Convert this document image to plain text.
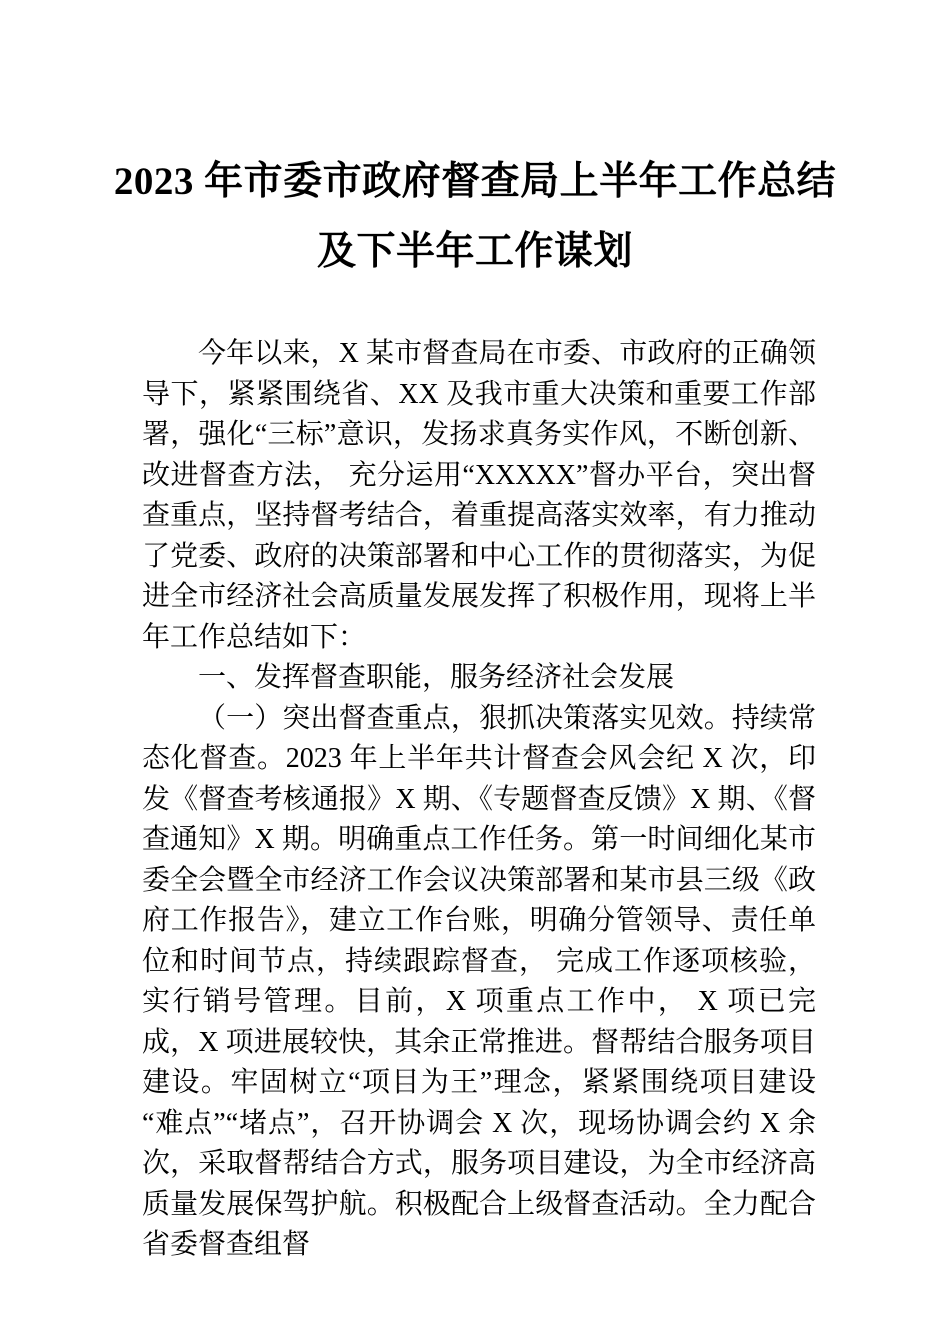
2023 年市委市政府督查局上半年工作总结
及下半年工作谋划

今年以来，X 某市督查局在市委、市政府的正确领导下，紧紧围绕省、XX 及我市重大决策和重要工作部署，强化“三标”意识，发扬求真务实作风，不断创新、改进督查方法， 充分运用“XXXXX”督办平台，突出督查重点，坚持督考结合，着重提高落实效率，有力推动了党委、政府的决策部署和中心工作的贯彻落实，为促进全市经济社会高质量发展发挥了积极作用，现将上半年工作总结如下：

一、发挥督查职能，服务经济社会发展

（一）突出督查重点，狠抓决策落实见效。持续常态化督查。2023 年上半年共计督查会风会纪 X 次，印发《督查考核通报》X 期、《专题督查反馈》X 期、《督查通知》X 期。明确重点工作任务。第一时间细化某市委全会暨全市经济工作会议决策部署和某市县三级《政府工作报告》，建立工作台账，明确分管领导、责任单位和时间节点，持续跟踪督查， 完成工作逐项核验，实行销号管理。目前，X 项重点工作中， X 项已完成，X 项进展较快，其余正常推进。督帮结合服务项目建设。牢固树立“项目为王”理念，紧紧围绕项目建设“难点”“堵点”，召开协调会 X 次，现场协调会约 X 余次，采取督帮结合方式，服务项目建设，为全市经济高质量发展保驾护航。积极配合上级督查活动。全力配合省委督查组督
